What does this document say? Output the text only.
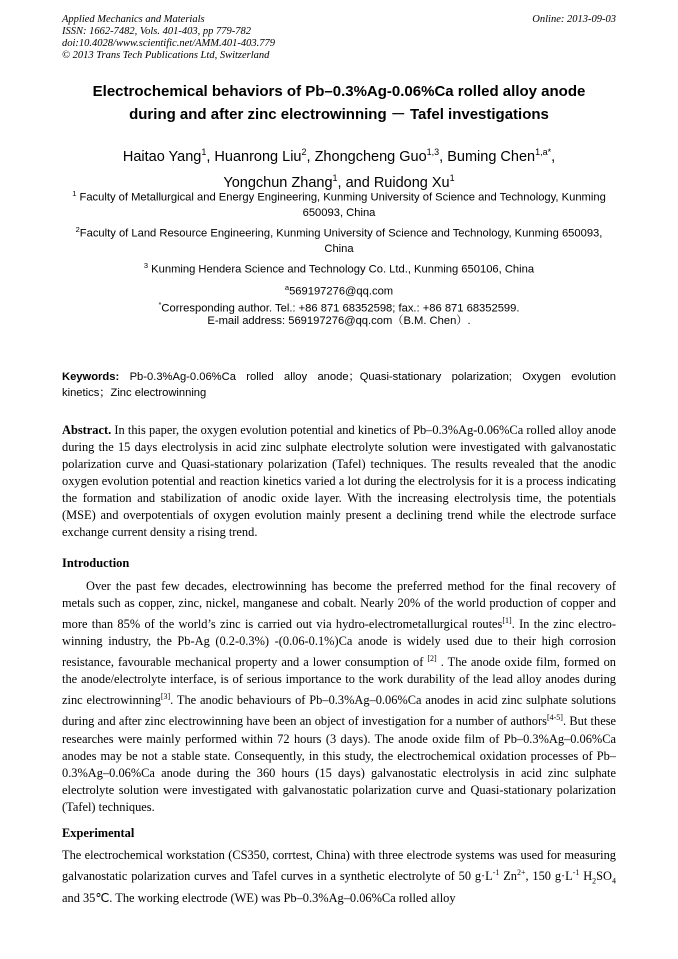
Applied Mechanics and Materials
ISSN: 1662-7482, Vols. 401-403, pp 779-782
doi:10.4028/www.scientific.net/AMM.401-403.779
© 2013 Trans Tech Publications Ltd, Switzerland
Online: 2013-09-03
Electrochemical behaviors of Pb–0.3%Ag-0.06%Ca rolled alloy anode
during and after zinc electrowinning － Tafel investigations
Haitao Yang$^1$, Huanrong Liu$^2$, Zhongcheng Guo$^{1,3}$, Buming Chen$^{1,a*}$,
Yongchun Zhang$^1$, and Ruidong Xu$^1$
$^1$ Faculty of Metallurgical and Energy Engineering, Kunming University of Science and Technology, Kunming 650093, China
$^2$Faculty of Land Resource Engineering, Kunming University of Science and Technology, Kunming 650093, China
$^3$ Kunming Hendera Science and Technology Co. Ltd., Kunming 650106, China
$^a$569197276@qq.com
*Corresponding author. Tel.: +86 871 68352598; fax.: +86 871 68352599.
E-mail address: 569197276@qq.com（B.M. Chen）.
Keywords: Pb-0.3%Ag-0.06%Ca rolled alloy anode；Quasi-stationary polarization; Oxygen evolution kinetics；Zinc electrowinning
Abstract. In this paper, the oxygen evolution potential and kinetics of Pb–0.3%Ag-0.06%Ca rolled alloy anode during the 15 days electrolysis in acid zinc sulphate electrolyte solution were investigated with galvanostatic polarization curve and Quasi-stationary polarization (Tafel) techniques. The results revealed that the anodic oxygen evolution potential and reaction kinetics varied a lot during the electrolysis for it is a process indicating the formation and stabilization of anodic oxide layer. With the increasing electrolysis time, the potentials (MSE) and overpotentials of oxygen evolution mainly present a declining trend while the electrode surface exchange current density a rising trend.
Introduction
Over the past few decades, electrowinning has become the preferred method for the final recovery of metals such as copper, zinc, nickel, manganese and cobalt. Nearly 20% of the world production of copper and more than 85% of the world’s zinc is carried out via hydro-electrometallurgical routes[1]. In the zinc electro-winning industry, the Pb-Ag (0.2-0.3%) -(0.06-0.1%)Ca anode is widely used due to their high corrosion resistance, favourable mechanical property and a lower consumption of [2] . The anode oxide film, formed on the anode/electrolyte interface, is of serious importance to the work durability of the lead alloy anodes during zinc electrowinning[3]. The anodic behaviours of Pb–0.3%Ag–0.06%Ca anodes in acid zinc sulphate solutions during and after zinc electrowinning have been an object of investigation for a number of authors[4-5]. But these researches were mainly performed within 72 hours (3 days). The anode oxide film of Pb–0.3%Ag–0.06%Ca anodes may be not a stable state. Consequently, in this study, the electrochemical oxidation processes of Pb–0.3%Ag–0.06%Ca anode during the 360 hours (15 days) galvanostatic electrolysis in acid zinc sulphate electrolyte solution were investigated with galvanostatic polarization curve and Quasi-stationary polarization (Tafel) techniques.
Experimental
The electrochemical workstation (CS350, corrtest, China) with three electrode systems was used for measuring galvanostatic polarization curves and Tafel curves in a synthetic electrolyte of 50 $g\cdot L^{-1}$ $Zn^{2+}$, 150 $g\cdot L^{-1}$ $H_2SO_4$ and 35℃. The working electrode (WE) was Pb–0.3%Ag–0.06%Ca rolled alloy
